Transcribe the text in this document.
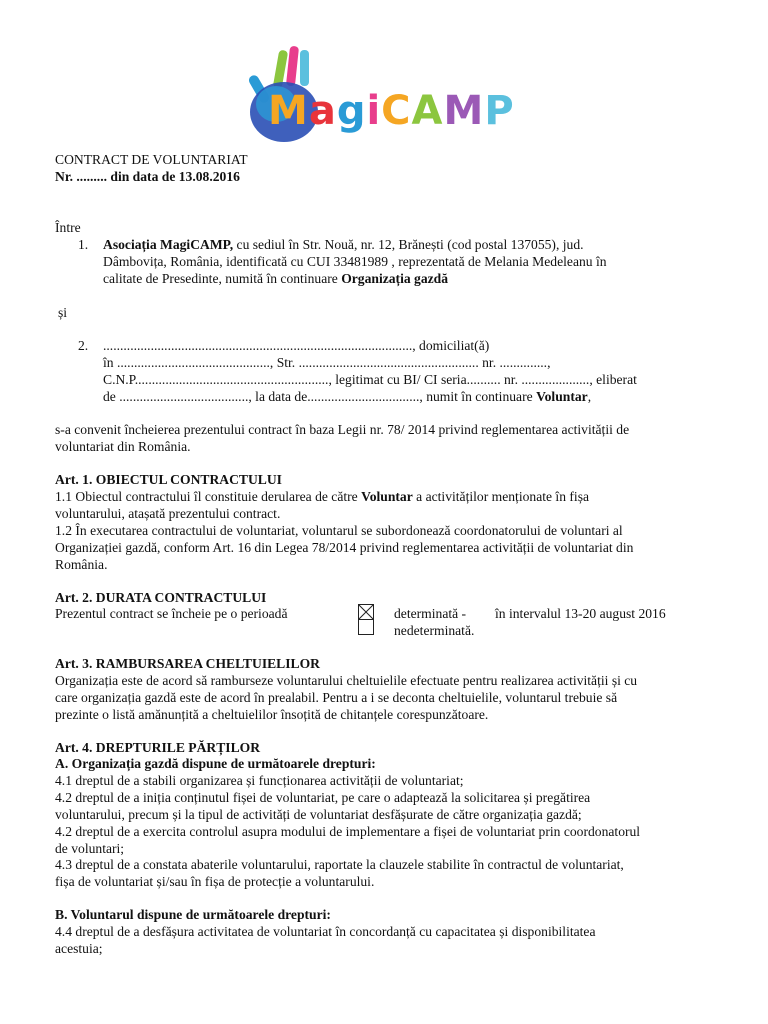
MagiCAMP
CONTRACT DE VOLUNTARIAT
Nr. ......... din data de 13.08.2016
Între
1. Asociația MagiCAMP, cu sediul în Str. Nouă, nr. 12, Brănești (cod postal 137055), jud.
Dâmbovița, România, identificată cu CUI 33481989 , reprezentată de Melania Medeleanu în
calitate de Presedinte, numită în continuare Organizația gazdă
și
2. ..........................................................................................., domiciliat(ă)
în ............................................., Str. ..................................................... nr. ..............,
C.N.P........................................................., legitimat cu BI/ CI seria.......... nr. ...................., eliberat
de ......................................, la data de................................., numit în continuare Voluntar,
s-a convenit încheierea prezentului contract în baza Legii nr. 78/ 2014 privind reglementarea activității de
voluntariat din România.
Art. 1. OBIECTUL CONTRACTULUI
1.1 Obiectul contractului îl constituie derularea de către Voluntar a activităților menționate în fișa
voluntarului, atașată prezentului contract.
1.2 În executarea contractului de voluntariat, voluntarul se subordonează coordonatorului de voluntari al
Organizației gazdă, conform Art. 16 din Legea 78/2014 privind reglementarea activității de voluntariat din
România.
Art. 2. DURATA CONTRACTULUI
Prezentul contract se încheie pe o perioadă	determinată -	în intervalul 13-20 august 2016
nedeterminată.
Art. 3. RAMBURSAREA CHELTUIELILOR
Organizația este de acord să ramburseze voluntarului cheltuielile efectuate pentru realizarea activității și cu
care organizația gazdă este de acord în prealabil. Pentru a i se deconta cheltuielile, voluntarul trebuie să
prezinte o listă amănunțită a cheltuielilor însoțită de chitanțele corespunzătoare.
Art. 4. DREPTURILE PĂRȚILOR
A. Organizația gazdă dispune de următoarele drepturi:
4.1 dreptul de a stabili organizarea și funcționarea activității de voluntariat;
4.2 dreptul de a iniția conținutul fișei de voluntariat, pe care o adaptează la solicitarea și pregătirea
voluntarului, precum și la tipul de activități de voluntariat desfășurate de către organizația gazdă;
4.2 dreptul de a exercita controlul asupra modului de implementare a fișei de voluntariat prin coordonatorul
de voluntari;
4.3 dreptul de a constata abaterile voluntarului, raportate la clauzele stabilite în contractul de voluntariat,
fișa de voluntariat și/sau în fișa de protecție a voluntarului.
B. Voluntarul dispune de următoarele drepturi:
4.4 dreptul de a desfășura activitatea de voluntariat în concordanță cu capacitatea și disponibilitatea
acestuia;
